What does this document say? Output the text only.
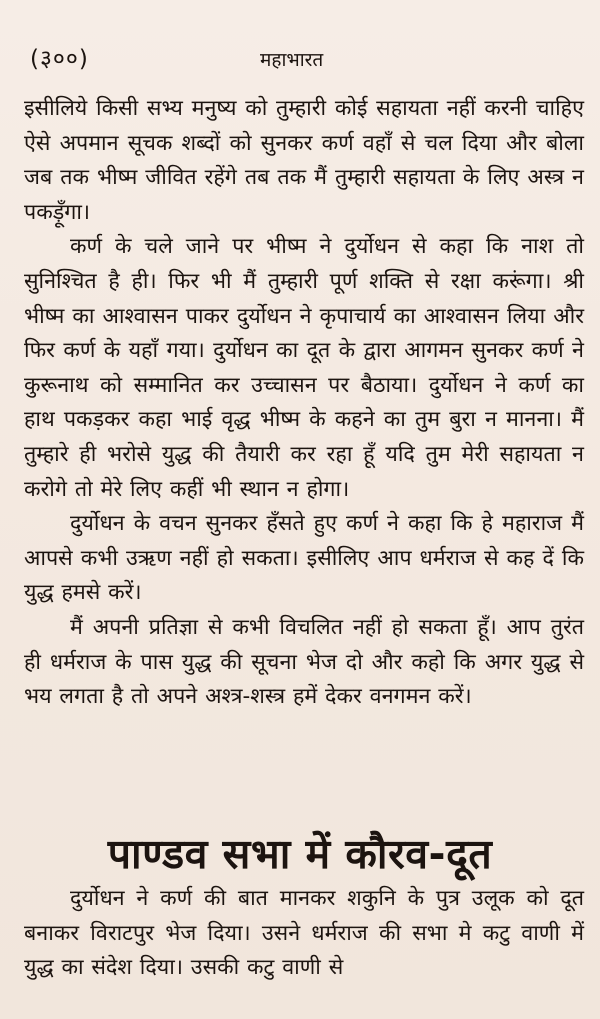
(३००)	महाभारत

इसीलिये किसी सभ्य मनुष्य को तुम्हारी कोई सहायता नहीं करनी चाहिए ऐसे अपमान सूचक शब्दों को सुनकर कर्ण वहाँ से चल दिया और बोला जब तक भीष्म जीवित रहेंगे तब तक मैं तुम्हारी सहायता के लिए अस्त्र न पकड़ूँगा।

कर्ण के चले जाने पर भीष्म ने दुर्योधन से कहा कि नाश तो सुनिश्चित है ही। फिर भी मैं तुम्हारी पूर्ण शक्ति से रक्षा करूंगा। श्री भीष्म का आश्वासन पाकर दुर्योधन ने कृपाचार्य का आश्वासन लिया और फिर कर्ण के यहाँ गया। दुर्योधन का दूत के द्वारा आगमन सुनकर कर्ण ने कुरूनाथ को सम्मानित कर उच्चासन पर बैठाया। दुर्योधन ने कर्ण का हाथ पकड़कर कहा भाई वृद्ध भीष्म के कहने का तुम बुरा न मानना। मैं तुम्हारे ही भरोसे युद्ध की तैयारी कर रहा हूँ यदि तुम मेरी सहायता न करोगे तो मेरे लिए कहीं भी स्थान न होगा।

दुर्योधन के वचन सुनकर हँसते हुए कर्ण ने कहा कि हे महाराज मैं आपसे कभी उऋण नहीं हो सकता। इसीलिए आप धर्मराज से कह दें कि युद्ध हमसे करें।

मैं अपनी प्रतिज्ञा से कभी विचलित नहीं हो सकता हूँ। आप तुरंत ही धर्मराज के पास युद्ध की सूचना भेज दो और कहो कि अगर युद्ध से भय लगता है तो अपने अश्त्र-शस्त्र हमें देकर वनगमन करें।

पाण्डव सभा में कौरव-दूत

दुर्योधन ने कर्ण की बात मानकर शकुनि के पुत्र उलूक को दूत बनाकर विराटपुर भेज दिया। उसने धर्मराज की सभा मे कटु वाणी में युद्ध का संदेश दिया। उसकी कटु वाणी से
